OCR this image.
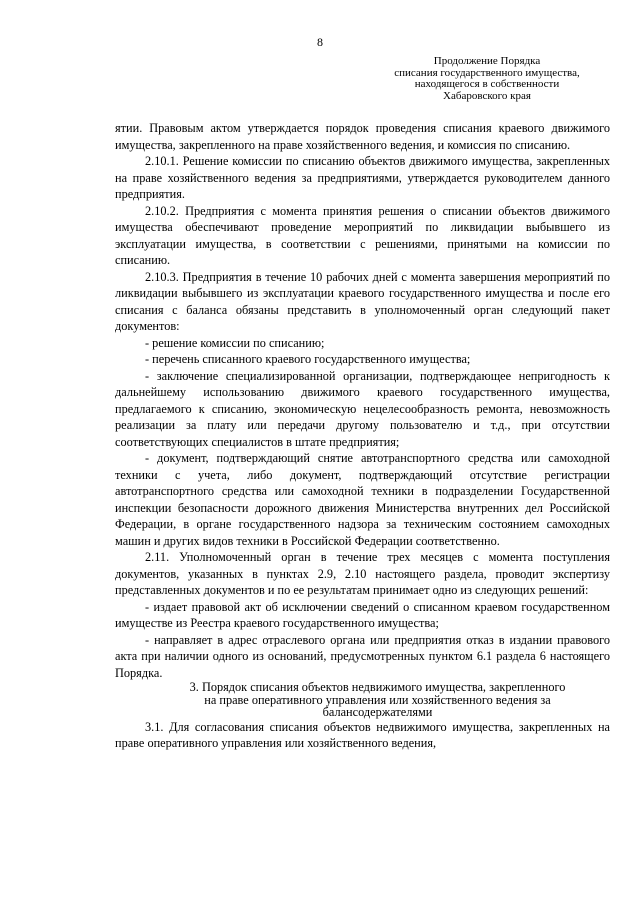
8
Продолжение Порядка
списания государственного имущества,
находящегося в собственности
Хабаровского края

ятии. Правовым актом утверждается порядок проведения списания краевого движимого имущества, закрепленного на праве хозяйственного ведения, и комиссия по списанию.

2.10.1. Решение комиссии по списанию объектов движимого имущества, закрепленных на праве хозяйственного ведения за предприятиями, утверждается руководителем данного предприятия.

2.10.2. Предприятия с момента принятия решения о списании объектов движимого имущества обеспечивают проведение мероприятий по ликвидации выбывшего из эксплуатации имущества, в соответствии с решениями, принятыми на комиссии по списанию.

2.10.3. Предприятия в течение 10 рабочих дней с момента завершения мероприятий по ликвидации выбывшего из эксплуатации краевого государственного имущества и после его списания с баланса обязаны представить в уполномоченный орган следующий пакет документов:

- решение комиссии по списанию;

- перечень списанного краевого государственного имущества;

- заключение специализированной организации, подтверждающее непригодность к дальнейшему использованию движимого краевого государственного имущества, предлагаемого к списанию, экономическую нецелесообразность ремонта, невозможность реализации за плату или передачи другому пользователю и т.д., при отсутствии соответствующих специалистов в штате предприятия;

- документ, подтверждающий снятие автотранспортного средства или самоходной техники с учета, либо документ, подтверждающий отсутствие регистрации автотранспортного средства или самоходной техники в подразделении Государственной инспекции безопасности дорожного движения Министерства внутренних дел Российской Федерации, в органе государственного надзора за техническим состоянием самоходных машин и других видов техники в Российской Федерации соответственно.

2.11. Уполномоченный орган в течение трех месяцев с момента поступления документов, указанных в пунктах 2.9, 2.10 настоящего раздела, проводит экспертизу представленных документов и по ее результатам принимает одно из следующих решений:

- издает правовой акт об исключении сведений о списанном краевом государственном имуществе из Реестра краевого государственного имущества;

- направляет в адрес отраслевого органа или предприятия отказ в издании правового акта при наличии одного из оснований, предусмотренных пунктом 6.1 раздела 6 настоящего Порядка.

3. Порядок списания объектов недвижимого имущества, закрепленного
на праве оперативного управления или хозяйственного ведения за балансодержателями

3.1. Для согласования списания объектов недвижимого имущества, закрепленных на праве оперативного управления или хозяйственного ведения,
